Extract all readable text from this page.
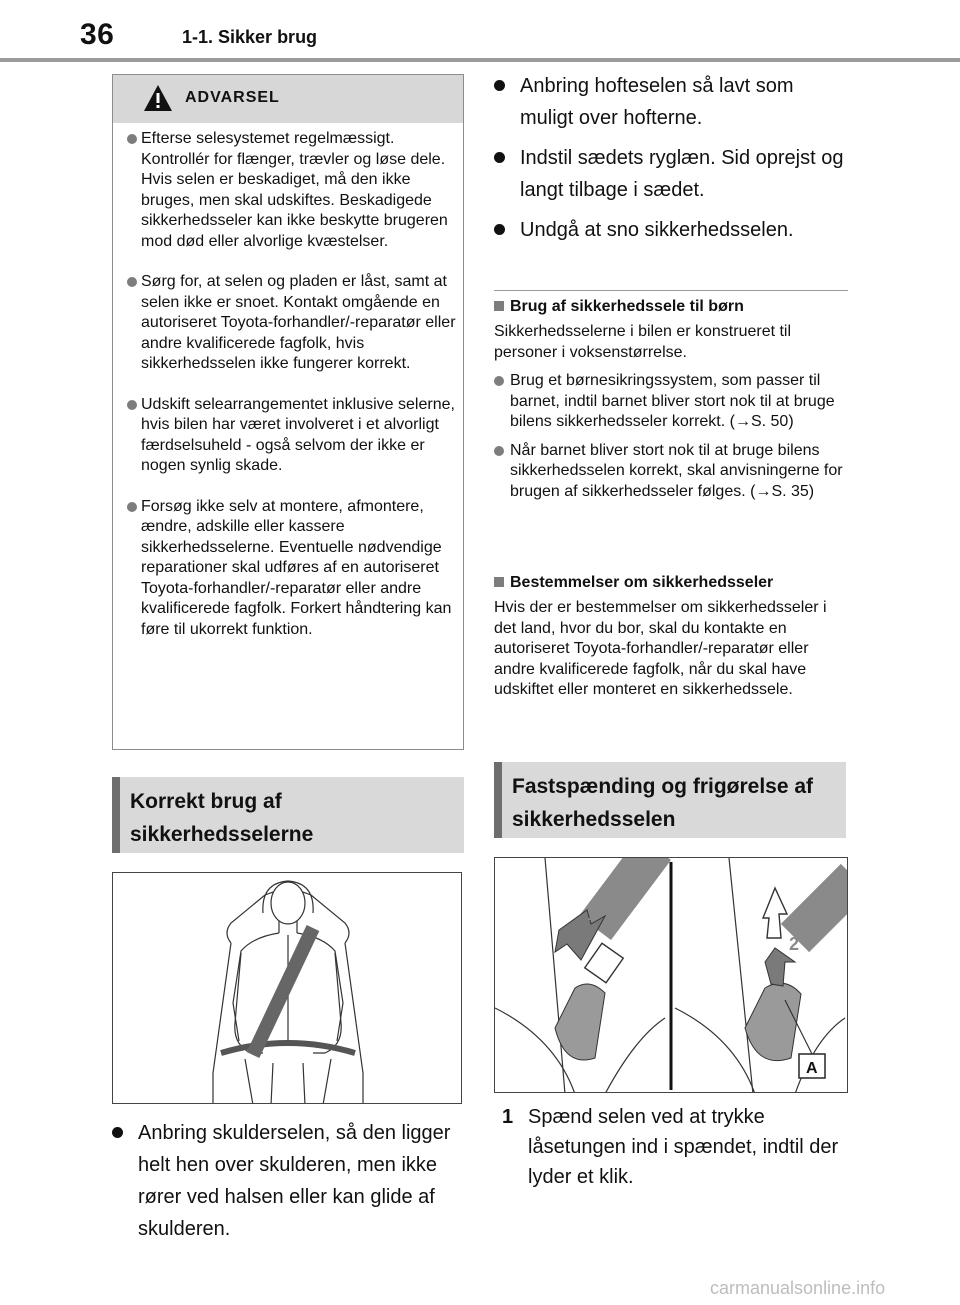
36	1-1. Sikker brug
ADVARSEL
Efterse selesystemet regelmæssigt. Kontrollér for flænger, trævler og løse dele. Hvis selen er beskadiget, må den ikke bruges, men skal udskiftes. Beskadigede sikkerhedsseler kan ikke beskytte brugeren mod død eller alvorlige kvæstelser.
Sørg for, at selen og pladen er låst, samt at selen ikke er snoet. Kontakt omgående en autoriseret Toyota-forhandler/-reparatør eller andre kvalificerede fagfolk, hvis sikkerhedsselen ikke fungerer korrekt.
Udskift selearrangementet inklusive selerne, hvis bilen har været involveret i et alvorligt færdselsuheld - også selvom der ikke er nogen synlig skade.
Forsøg ikke selv at montere, afmontere, ændre, adskille eller kassere sikkerhedsselerne. Eventuelle nødvendige reparationer skal udføres af en autoriseret Toyota-forhandler/-reparatør eller andre kvalificerede fagfolk. Forkert håndtering kan føre til ukorrekt funktion.
Korrekt brug af sikkerhedsselerne
Anbring skulderselen, så den ligger helt hen over skulderen, men ikke rører ved halsen eller kan glide af skulderen.
Anbring hofteselen så lavt som muligt over hofterne.
Indstil sædets ryglæn. Sid oprejst og langt tilbage i sædet.
Undgå at sno sikkerhedsselen.
Brug af sikkerhedssele til børn
Sikkerhedsselerne i bilen er konstrueret til personer i voksenstørrelse.
Brug et børnesikringssystem, som passer til barnet, indtil barnet bliver stort nok til at bruge bilens sikkerhedsseler korrekt. (→S. 50)
Når barnet bliver stort nok til at bruge bilens sikkerhedsselen korrekt, skal anvisningerne for brugen af sikkerhedsseler følges. (→S. 35)
Bestemmelser om sikkerhedsseler
Hvis der er bestemmelser om sikkerhedsseler i det land, hvor du bor, skal du kontakte en autoriseret Toyota-forhandler/-reparatør eller andre kvalificerede fagfolk, når du skal have udskiftet eller monteret en sikkerhedssele.
Fastspænding og frigørelse af sikkerhedsselen
1
2
A
1 Spænd selen ved at trykke låsetungen ind i spændet, indtil der lyder et klik.
carmanualsonline.info
